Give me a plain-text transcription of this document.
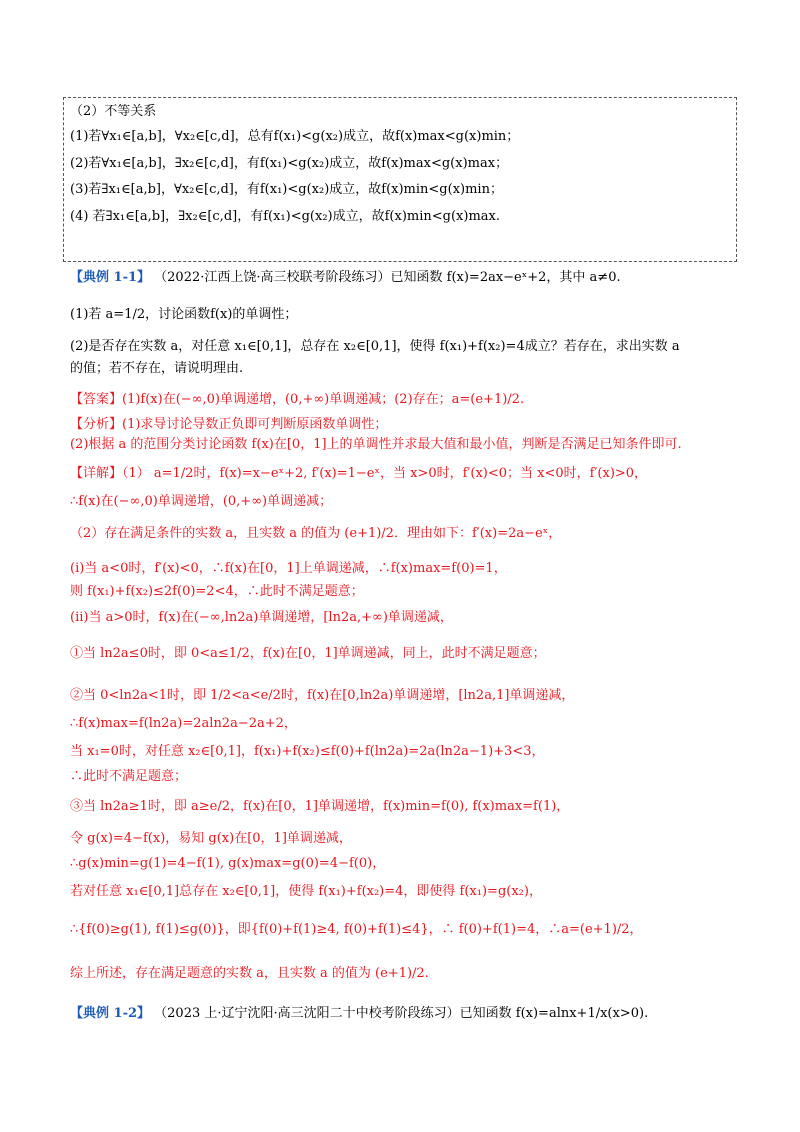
（2）不等关系
(1)若∀x₁∈[a,b]，∀x₂∈[c,d]，总有f(x₁)<g(x₂)成立，故f(x)max<g(x)min；
(2)若∀x₁∈[a,b]，∃x₂∈[c,d]，有f(x₁)<g(x₂)成立，故f(x)max<g(x)max；
(3)若∃x₁∈[a,b]，∀x₂∈[c,d]，有f(x₁)<g(x₂)成立，故f(x)min<g(x)min；
(4) 若∃x₁∈[a,b]，∃x₂∈[c,d]，有f(x₁)<g(x₂)成立，故f(x)min<g(x)max.
【典例 1-1】 （2022·江西上饶·高三校联考阶段练习）已知函数 f(x)=2ax−eˣ+2，其中 a≠0.
(1)若 a=1/2，讨论函数f(x)的单调性；
(2)是否存在实数 a，对任意 x₁∈[0,1]，总存在 x₂∈[0,1]，使得 f(x₁)+f(x₂)=4成立？若存在，求出实数 a
的值；若不存在，请说明理由.
【答案】(1)f(x)在(−∞,0)单调递增，(0,+∞)单调递减；(2)存在；a=(e+1)/2.
【分析】(1)求导讨论导数正负即可判断原函数单调性；
(2)根据 a 的范围分类讨论函数 f(x)在[0，1]上的单调性并求最大值和最小值，判断是否满足已知条件即可.
【详解】（1） a=1/2时，f(x)=x−eˣ+2, f′(x)=1−eˣ，当 x>0时，f′(x)<0；当 x<0时，f′(x)>0，
∴f(x)在(−∞,0)单调递增，(0,+∞)单调递减；
（2）存在满足条件的实数 a，且实数 a 的值为 (e+1)/2．理由如下：f′(x)=2a−eˣ，
(i)当 a<0时，f′(x)<0，∴f(x)在[0，1]上单调递减，∴f(x)max=f(0)=1，
则 f(x₁)+f(x₂)≤2f(0)=2<4，∴此时不满足题意；
(ii)当 a>0时，f(x)在(−∞,ln2a)单调递增，[ln2a,+∞)单调递减，
①当 ln2a≤0时，即 0<a≤1/2，f(x)在[0，1]单调递减，同上，此时不满足题意；
②当 0<ln2a<1时，即 1/2<a<e/2时，f(x)在[0,ln2a)单调递增，[ln2a,1]单调递减，
∴f(x)max=f(ln2a)=2aln2a−2a+2，
当 x₁=0时，对任意 x₂∈[0,1]，f(x₁)+f(x₂)≤f(0)+f(ln2a)=2a(ln2a−1)+3<3，
∴此时不满足题意；
③当 ln2a≥1时，即 a≥e/2，f(x)在[0，1]单调递增，f(x)min=f(0), f(x)max=f(1)，
令 g(x)=4−f(x)，易知 g(x)在[0，1]单调递减，
∴g(x)min=g(1)=4−f(1), g(x)max=g(0)=4−f(0)，
若对任意 x₁∈[0,1]总存在 x₂∈[0,1]，使得 f(x₁)+f(x₂)=4，即使得 f(x₁)=g(x₂)，
∴{f(0)≥g(1), f(1)≤g(0)}，即{f(0)+f(1)≥4, f(0)+f(1)≤4}，∴ f(0)+f(1)=4，∴a=(e+1)/2，
综上所述，存在满足题意的实数 a，且实数 a 的值为 (e+1)/2.
【典例 1-2】 （2023 上·辽宁沈阳·高三沈阳二十中校考阶段练习）已知函数 f(x)=alnx+1/x(x>0).
